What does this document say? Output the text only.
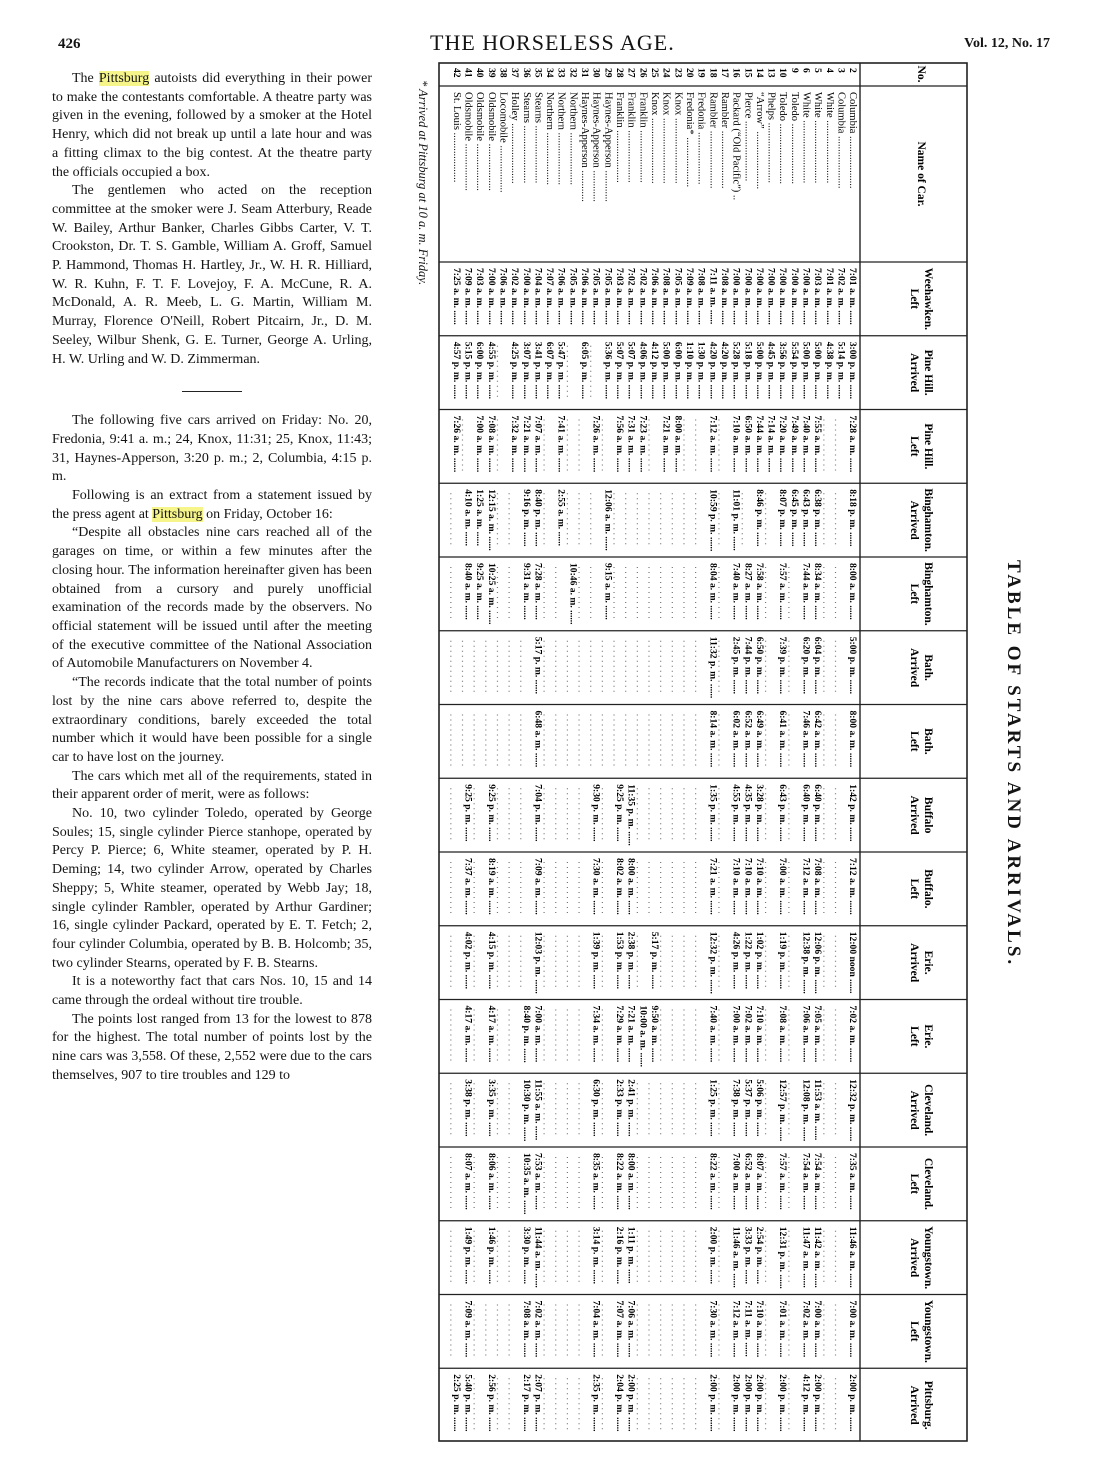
426	THE HORSELESS AGE.	Vol. 12, No. 17

The Pittsburg autoists did everything in their power to make the contestants comfortable. A theatre party was given in the evening, followed by a smoker at the Hotel Henry, which did not break up until a late hour and was a fitting climax to the big contest. At the theatre party the officials occupied a box.

The gentlemen who acted on the reception committee at the smoker were J. Seam Atterbury, Reade W. Bailey, Arthur Banker, Charles Gibbs Carter, V. T. Crookston, Dr. T. S. Gamble, William A. Groff, Samuel P. Hammond, Thomas H. Hartley, Jr., W. H. R. Hilliard, W. R. Kuhn, F. T. F. Lovejoy, F. A. McCune, R. A. McDonald, A. R. Meeb, L. G. Martin, William M. Murray, Florence O'Neill, Robert Pitcairn, Jr., D. M. Seeley, Wilbur Shenk, G. E. Turner, George A. Urling, H. W. Urling and W. D. Zimmerman.

The following five cars arrived on Friday: No. 20, Fredonia, 9:41 a. m.; 24, Knox, 11:31; 25, Knox, 11:43; 31, Haynes-Apperson, 3:20 p. m.; 2, Columbia, 4:15 p. m.

Following is an extract from a statement issued by the press agent at Pittsburg on Friday, October 16:

“Despite all obstacles nine cars reached all of the garages on time, or within a few minutes after the closing hour. The information hereinafter given has been obtained from a cursory and purely unofficial examination of the records made by the observers. No official statement will be issued until after the meeting of the executive committee of the National Association of Automobile Manufacturers on November 4.

“The records indicate that the total number of points lost by the nine cars above referred to, despite the extraordinary conditions, barely exceeded the total number which it would have been possible for a single car to have lost on the journey.

The cars which met all of the requirements, stated in their apparent order of merit, were as follows:

No. 10, two cylinder Toledo, operated by George Soules; 15, single cylinder Pierce stanhope, operated by Percy P. Pierce; 6, White steamer, operated by P. H. Deming; 14, two cylinder Arrow, operated by Charles Sheppy; 5, White steamer, operated by Webb Jay; 18, single cylinder Rambler, operated by Arthur Gardiner; 16, single cylinder Packard, operated by E. T. Fetch; 2, four cylinder Columbia, operated by B. B. Holcomb; 35, two cylinder Stearns, operated by F. B. Stearns.

It is a noteworthy fact that cars Nos. 10, 15 and 14 came through the ordeal without tire trouble.

The points lost ranged from 13 for the lowest to 878 for the highest. The total number of points lost by the nine cars was 3,558. Of these, 2,552 were due to the cars themselves, 907 to tire troubles and 129 to

* Arrived at Pittsburg at 10 a. m. Friday.
No.
Name of Car.
Left Weehawken.
Arrived Pine Hill.
Left Pine Hill.
Arrived Binghamton.
Left Binghamton.
Arrived Bath.
Left Bath.
Arrived Buffalo
Left Buffalo.
Arrived Erie.
Left Erie.
Arrived Cleveland.
Left Cleveland.
Arrived Youngstown.
Left Youngstown.
Arrived Pittsburg.
2
Columbia ....................
7:01 a. m. ......
3:00 p. m. ......
7:28 a. m. ......
8:18 p. m. ......
8:00 a. m. ......
5:00 p. m. ......
8:00 a. m. ......
1:42 p. m. ......
7:12 a. m. ......
12:00 noon ......
7:02 a. m. ......
12:32 p. m. ......
7:35 a. m. ......
11:46 a. m. ......
7:00 a. m. ......
2:00 p. m. ......
3
Columbia ....................
7:02 a. m. ......
5:14 p. m. ......
4
White ........................
7:01 a. m. ......
4:38 p. m. ......
5
White ........................
7:03 a. m. ......
5:00 p. m. ......
7:55 a. m. ......
6:38 p. m. ......
8:34 a. m. ......
6:04 p. m. ......
6:42 a. m. ......
6:40 p. m. ......
7:08 a. m. ......
12:06 p. m. ......
7:05 a. m. ......
11:53 a. m. ......
7:54 a. m. ......
11:42 a. m. ......
7:00 a. m. ......
2:00 p. m. ......
6
White ........................
7:00 a. m. ......
5:00 p. m. ......
7:40 a. m. ......
6:43 p. m. ......
7:44 a. m. ......
6:20 p. m. ......
7:46 a. m. ......
6:40 p. m. ......
7:12 a. m. ......
12:38 p. m. ......
7:06 a. m. ......
12:08 p. m. ......
7:54 a. m. ......
11:47 a. m. ......
7:02 a. m. ......
4:12 p. m. ......
9
Toledo .......................
7:00 a. m. ......
5:54 p. m. ......
7:49 a. m. ......
6:45 p. m. ......
10
Toledo .......................
7:00 a. m. ......
3:56 p. m. ......
7:20 a. m. ......
8:07 p. m. ......
7:57 a. m. ......
7:39 p. m. ......
6:41 a. m. ......
6:43 p. m. ......
7:00 a. m. ......
1:19 p. m. ......
7:08 a. m. ......
12:57 p. m. ......
7:57 a. m. ......
12:31 p. m. ......
7:01 a. m. ......
2:00 p. m. ......
13
Phelps .......................
7:00 a. m. ......
4:45 p. m. ......
7:14 a. m. ......
14
“Arrow” ......................
7:00 a. m. ......
5:00 p. m. ......
7:44 a. m. ......
8:46 p. m. ......
7:58 a. m. ......
6:50 p. m. ......
6:49 a. m. ......
3:28 p. m. ......
7:10 a. m. ......
1:02 p. m. ......
7:10 a. m. ......
5:06 p. m. ......
8:07 a. m. ......
2:54 p. m. ......
7:10 a. m. ......
2:00 p. m. ......
15
Pierce .......................
7:00 a. m. ......
5:18 p. m. ......
6:50 a. m. ......
8:27 a. m. ......
7:44 p. m. ......
6:52 a. m. ......
4:35 p. m. ......
7:10 a. m. ......
1:22 p. m. ......
7:02 a. m. ......
5:37 p. m. ......
6:52 a. m. ......
3:33 p. m. ......
7:11 a. m. ......
2:00 p. m. ......
16
Packard (“Old Pacific”) ..
7:00 a. m. ......
5:28 p. m. ......
7:10 a. m. ......
11:01 p. m. ......
7:40 a. m. ......
2:45 p. m. ......
6:02 a. m. ......
4:55 p. m. ......
7:10 a. m. ......
4:26 p. m. ......
7:00 a. m. ......
7:38 p. m. ......
7:00 a. m. ......
11:46 a. m. ......
7:12 a. m. ......
2:00 p. m. ......
17
Rambler ......................
7:08 a. m. ......
4:20 p. m. ......
18
Rambler ......................
7:11 a. m. ......
4:20 p. m. ......
7:12 a. m. ......
10:59 p. m. ......
8:04 a. m. ......
11:32 p. m. ......
8:14 a. m. ......
1:35 p. m. ......
7:21 a. m. ......
12:32 p. m. ......
7:40 a. m. ......
1:25 p. m. ......
8:22 a. m. ......
2:00 p. m. ......
7:30 a. m. ......
2:00 p. m. ......
19
Fredonia ....................
7:08 a. m. ......
1:30 p. m. ......
20
Fredonia* ...................
7:09 a. m. ......
1:10 p. m. ......
23
Knox .........................
7:05 a. m. ......
6:00 p. m. ......
8:00 a. m. ......
24
Knox .........................
7:08 a. m. ......
5:00 p. m. ......
7:21 a. m. ......
25
Knox .........................
7:06 a. m. ......
4:12 p. m. ......
5:17 p. m. ......
9:50 a. m. ......
26
Franklin ....................
7:02 a. m. ......
4:06 p. m. ......
7:23 a. m. ......
10:00 a. m. ......
27
Franklin ....................
7:02 a. m. ......
5:07 p. m. ......
7:31 a. m. ......
11:35 p. m. ......
8:00 a. m. ......
2:38 p. m. ......
7:21 a. m. ......
2:41 p. m. ......
8:00 a. m. ......
1:11 p. m. ......
7:06 a. m. ......
2:00 p. m. ......
28
Franklin ....................
7:03 a. m. ......
5:07 p. m. ......
7:56 a. m. ......
9:25 p. m. ......
8:02 a. m. ......
1:53 p. m. ......
7:29 a. m. ......
2:33 p. m. ......
8:22 a. m. ......
2:16 p. m. ......
7:07 a. m. ......
2:04 p. m. ......
29
Haynes-Apperson ............
7:05 a. m. ......
5:36 p. m. ......
12:06 a. m. ......
9:15 a. m. ......
30
Haynes-Apperson ............
7:05 a. m. ......
7:26 a. m. ......
9:30 p. m. ......
7:30 a. m. ......
1:39 p. m. ......
7:34 a. m. ......
6:30 p. m. ......
8:35 a. m. ......
3:14 p. m. ......
7:04 a. m. ......
2:35 p. m. ......
31
Haynes-Apperson ............
7:06 a. m. ......
6:05 p. m. ......
32
Northern ....................
7:05 a. m. ......
10:46 a. m. ......
33
Northern ....................
7:06 a. m. ......
5:47 p. m. ......
7:41 a. m. ......
2:55 a. m. ......
34
Northern ....................
7:07 a. m. ......
6:07 p. m. ......
35
Stearns ......................
7:04 a. m. ......
3:41 p. m. ......
7:07 a. m. ......
8:40 p. m. ......
7:28 a. m. ......
5:17 p. m. ......
6:48 a. m. ......
7:04 p. m. ......
7:09 a. m. ......
12:03 p. m. ......
7:00 a. m. ......
11:55 a. m. ......
7:53 a. m. ......
11:44 a. m. ......
7:02 a. m. ......
2:07 p. m. ......
36
Stearns ......................
7:00 a. m. ......
3:07 p. m. ......
7:21 a. m. ......
9:16 p. m. ......
9:31 a. m. ......
8:40 p. m. ......
10:30 p. m. ......
10:35 a. m. ......
3:30 p. m. ......
7:08 a. m. ......
2:17 p. m. ......
37
Holley .......................
7:02 a. m. ......
4:25 p. m. ......
7:32 a. m. ......
38
Locomobile ..................
7:06 a. m. ......
39
Oldsmobile ..................
7:00 a. m. ......
4:55 p. m. ......
7:08 a. m. ......
12:15 a. m. ......
10:25 a. m. ......
9:25 p. m. ......
8:19 a. m. ......
4:15 p. m. ......
4:17 a. m. ......
3:35 p. m. ......
8:06 a. m. ......
1:46 p. m. ......
2:56 p. m. ......
40
Oldsmobile ..................
7:03 a. m. ......
6:00 p. m. ......
7:00 a. m. ......
1:25 a. m. ......
9:25 a. m. ......
41
Oldsmobile ..................
7:09 a. m. ......
5:15 p. m. ......
4:10 a. m. ......
8:40 a. m. ......
9:25 p. m. ......
7:37 a. m. ......
4:02 p. m. ......
4:17 a. m. ......
3:38 p. m. ......
8:07 a. m. ......
1:49 p. m. ......
7:09 a. m. ......
5:40 p. m. ......
42
St. Louis ...................
7:25 a. m. ......
4:57 p. m. ......
7:26 a. m. ......
2:25 p. m. ......
TABLE OF STARTS AND ARRIVALS.
